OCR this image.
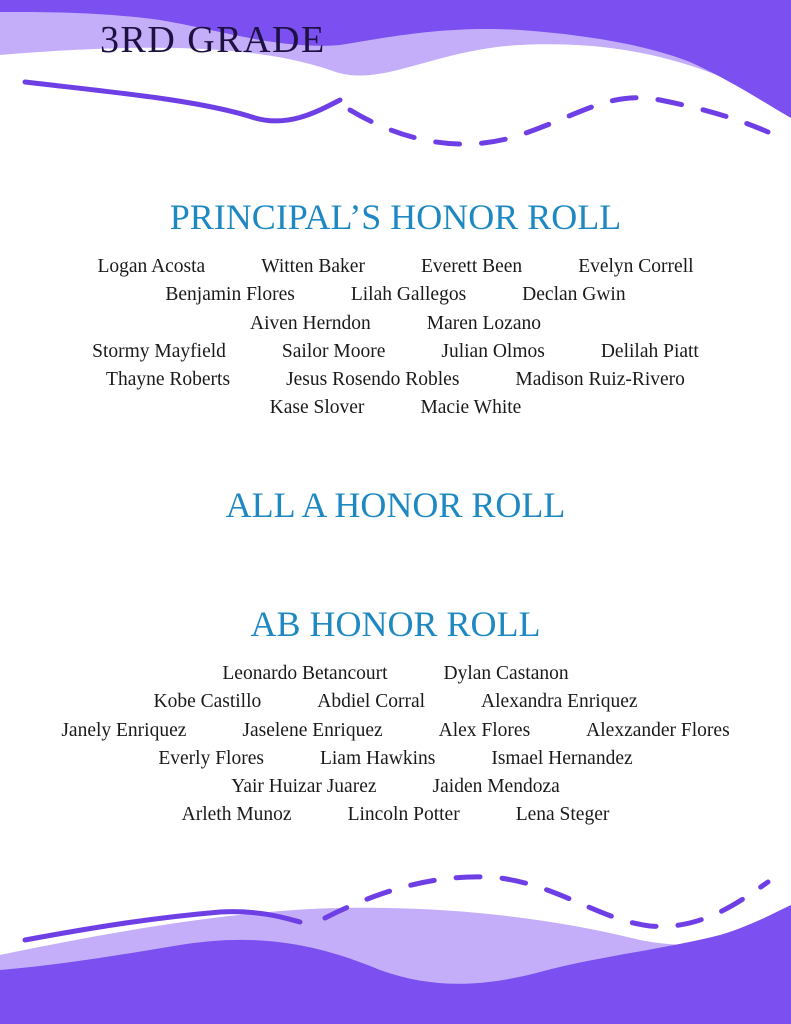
3RD GRADE
PRINCIPAL’S HONOR ROLL
Logan Acosta	Witten Baker	Everett Been	Evelyn Correll
Benjamin Flores	Lilah Gallegos	Declan Gwin
Aiven Herndon	Maren Lozano
Stormy Mayfield	Sailor Moore	Julian Olmos	Delilah Piatt
Thayne Roberts	Jesus Rosendo Robles	Madison Ruiz-Rivero
Kase Slover	Macie White
ALL A HONOR ROLL
AB HONOR ROLL
Leonardo Betancourt	Dylan Castanon
Kobe Castillo	Abdiel Corral	Alexandra Enriquez
Janely Enriquez	Jaselene Enriquez	Alex Flores	Alexzander Flores
Everly Flores	Liam Hawkins	Ismael Hernandez
Yair Huizar Juarez	Jaiden Mendoza
Arleth Munoz	Lincoln Potter	Lena Steger
